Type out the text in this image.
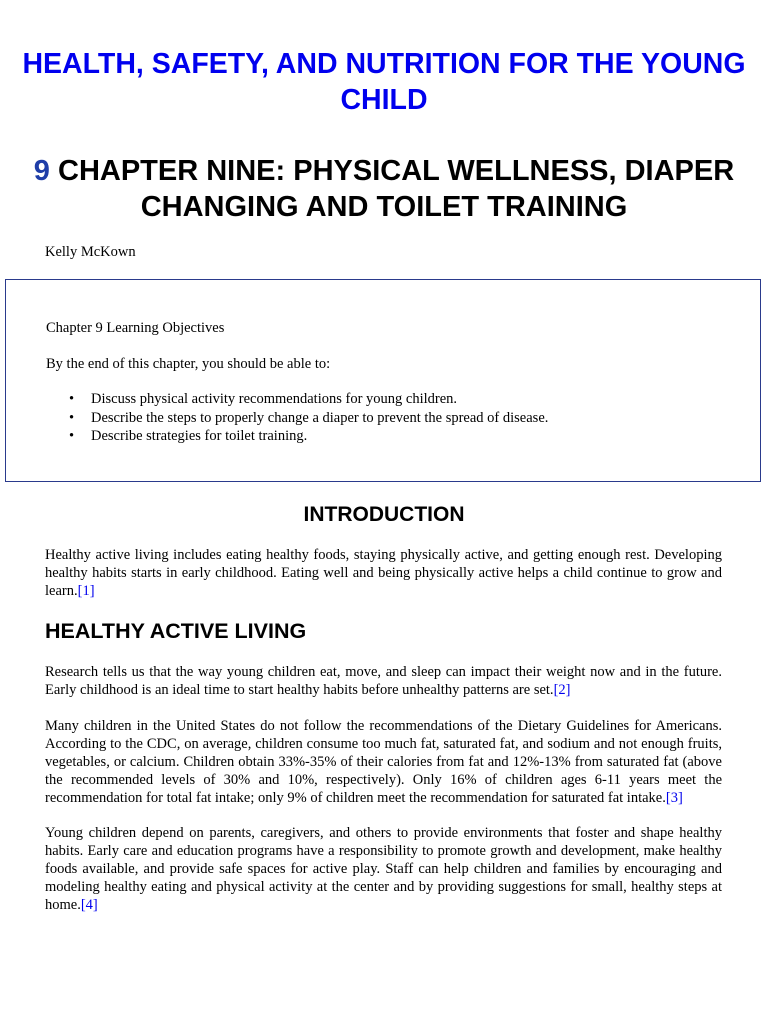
HEALTH, SAFETY, AND NUTRITION FOR THE YOUNG CHILD
9 CHAPTER NINE: PHYSICAL WELLNESS, DIAPER CHANGING AND TOILET TRAINING
Kelly McKown
Chapter 9 Learning Objectives
By the end of this chapter, you should be able to:
• Discuss physical activity recommendations for young children.
• Describe the steps to properly change a diaper to prevent the spread of disease.
• Describe strategies for toilet training.
INTRODUCTION

Healthy active living includes eating healthy foods, staying physically active, and getting enough rest. Developing healthy habits starts in early childhood. Eating well and being physically active helps a child continue to grow and learn.[1]

HEALTHY ACTIVE LIVING

Research tells us that the way young children eat, move, and sleep can impact their weight now and in the future. Early childhood is an ideal time to start healthy habits before unhealthy patterns are set.[2]

Many children in the United States do not follow the recommendations of the Dietary Guidelines for Americans. According to the CDC, on average, children consume too much fat, saturated fat, and sodium and not enough fruits, vegetables, or calcium. Children obtain 33%-35% of their calories from fat and 12%-13% from saturated fat (above the recommended levels of 30% and 10%, respectively). Only 16% of children ages 6-11 years meet the recommendation for total fat intake; only 9% of children meet the recommendation for saturated fat intake.[3]

Young children depend on parents, caregivers, and others to provide environments that foster and shape healthy habits. Early care and education programs have a responsibility to promote growth and development, make healthy foods available, and provide safe spaces for active play. Staff can help children and families by encouraging and modeling healthy eating and physical activity at the center and by providing suggestions for small, healthy steps at home.[4]
